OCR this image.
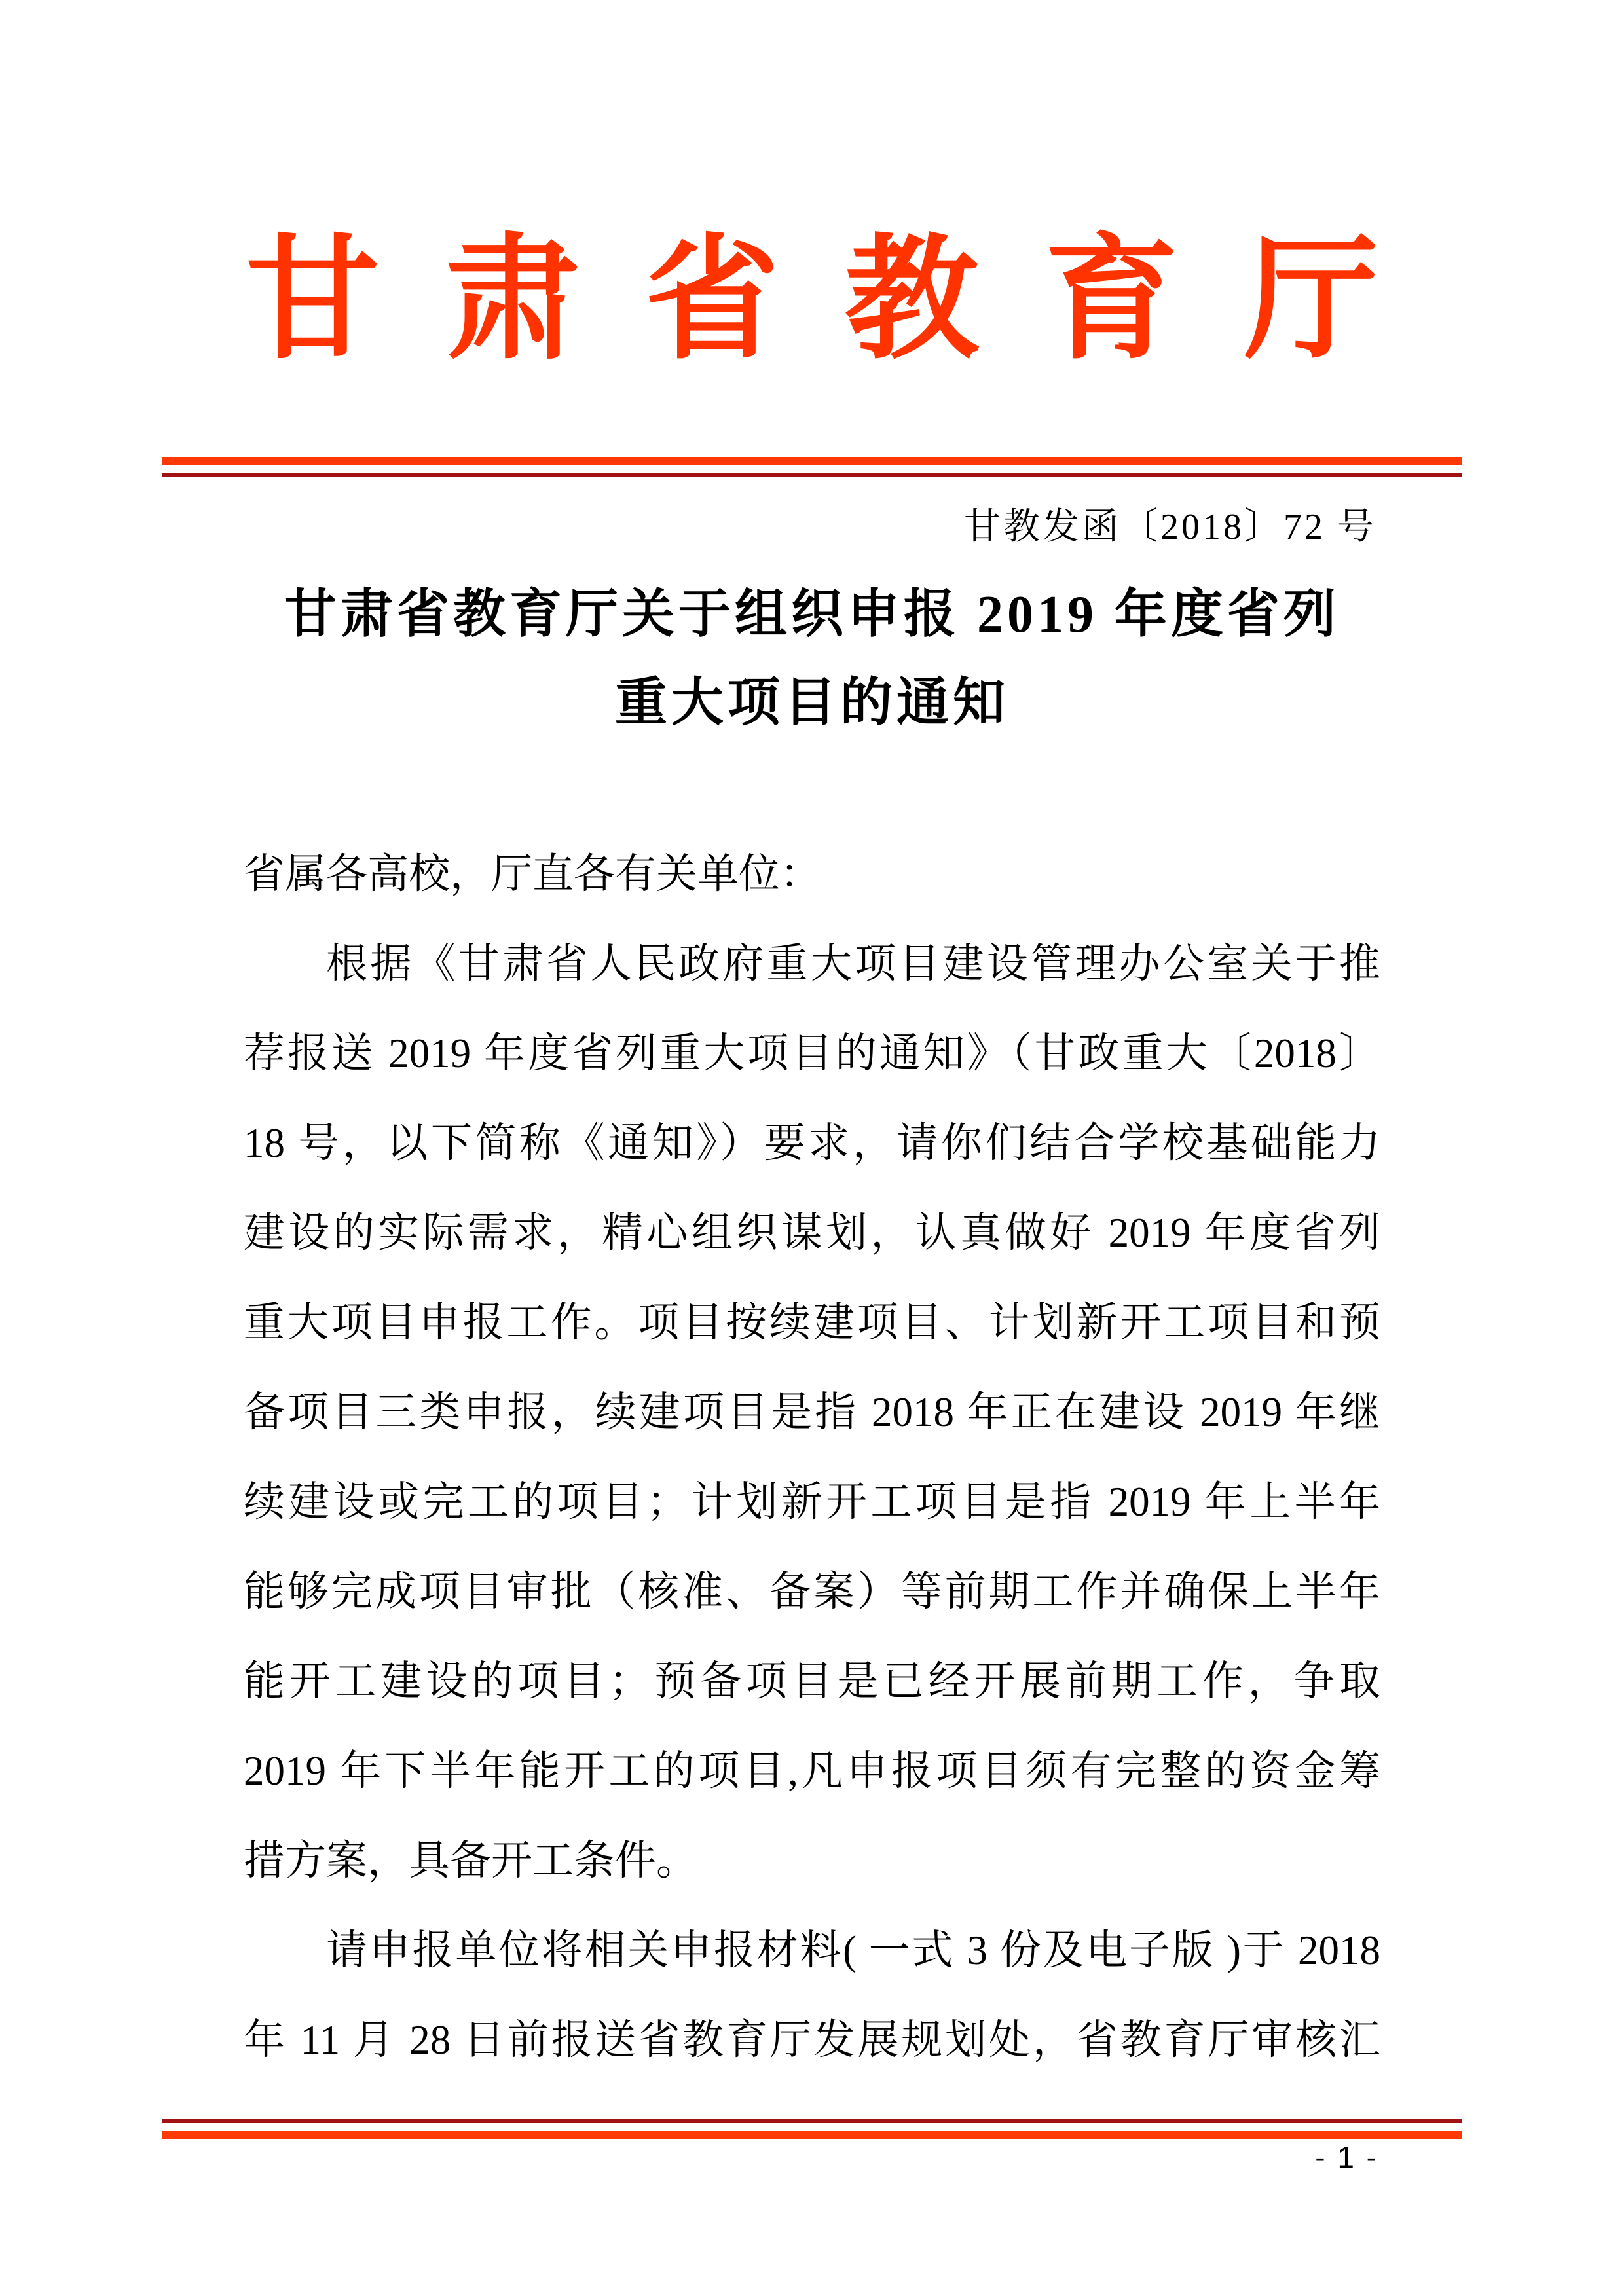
甘肃省教育厅
甘教发函〔2018〕72 号
甘肃省教育厅关于组织申报 2019 年度省列
重大项目的通知
省属各高校，厅直各有关单位：
根据《甘肃省人民政府重大项目建设管理办公室关于推
荐报送 2019 年度省列重大项目的通知》（甘政重大〔2018〕
18 号，以下简称《通知》）要求，请你们结合学校基础能力
建设的实际需求，精心组织谋划，认真做好 2019 年度省列
重大项目申报工作。项目按续建项目、计划新开工项目和预
备项目三类申报，续建项目是指 2018 年正在建设 2019 年继
续建设或完工的项目；计划新开工项目是指 2019 年上半年
能够完成项目审批（核准、备案）等前期工作并确保上半年
能开工建设的项目；预备项目是已经开展前期工作，争取
2019 年下半年能开工的项目,凡申报项目须有完整的资金筹
措方案，具备开工条件。
请申报单位将相关申报材料( 一式 3 份及电子版 )于 2018
年 11 月 28 日前报送省教育厅发展规划处，省教育厅审核汇
- 1 -
